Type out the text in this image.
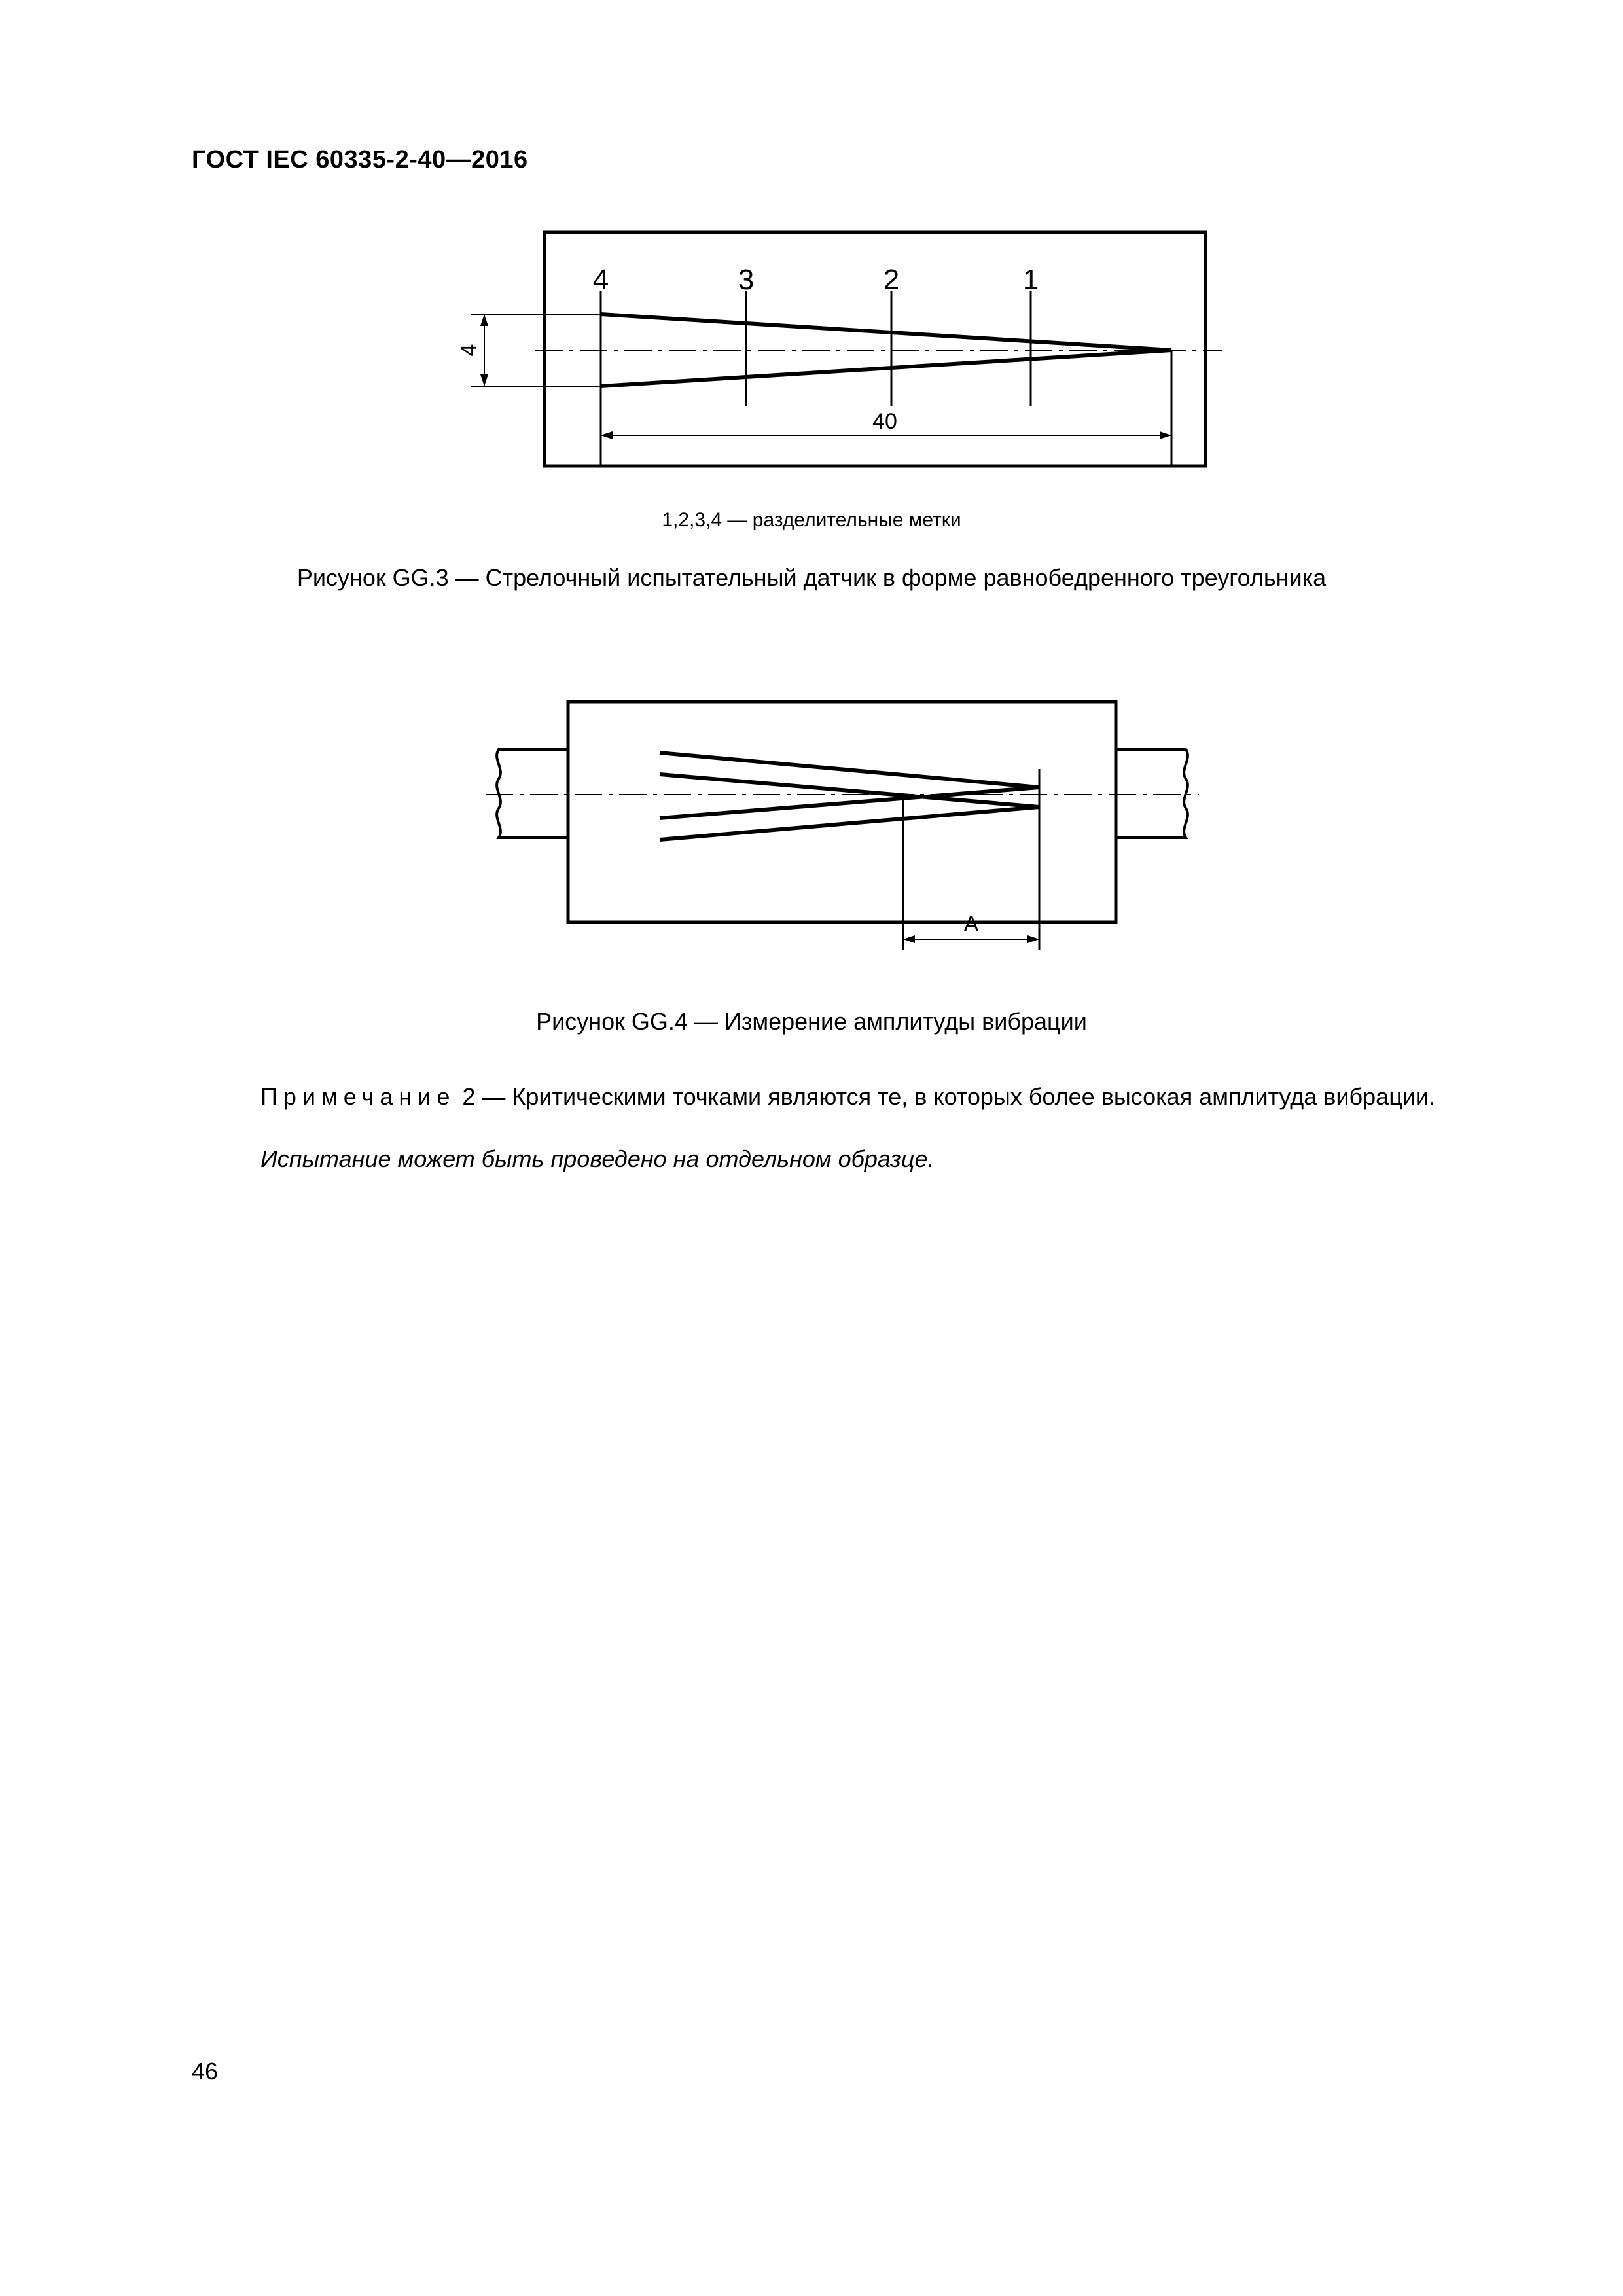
ГОСТ IEC 60335-2-40—2016
4	3	2	1
4
40
1,2,3,4 — разделительные метки
Рисунок GG.3 — Стрелочный испытательный датчик в форме равнобедренного треугольника
A
Рисунок GG.4 — Измерение амплитуды вибрации
Примечание 2 — Критическими точками являются те, в которых более высокая амплитуда вибрации.
Испытание может быть проведено на отдельном образце.
46
